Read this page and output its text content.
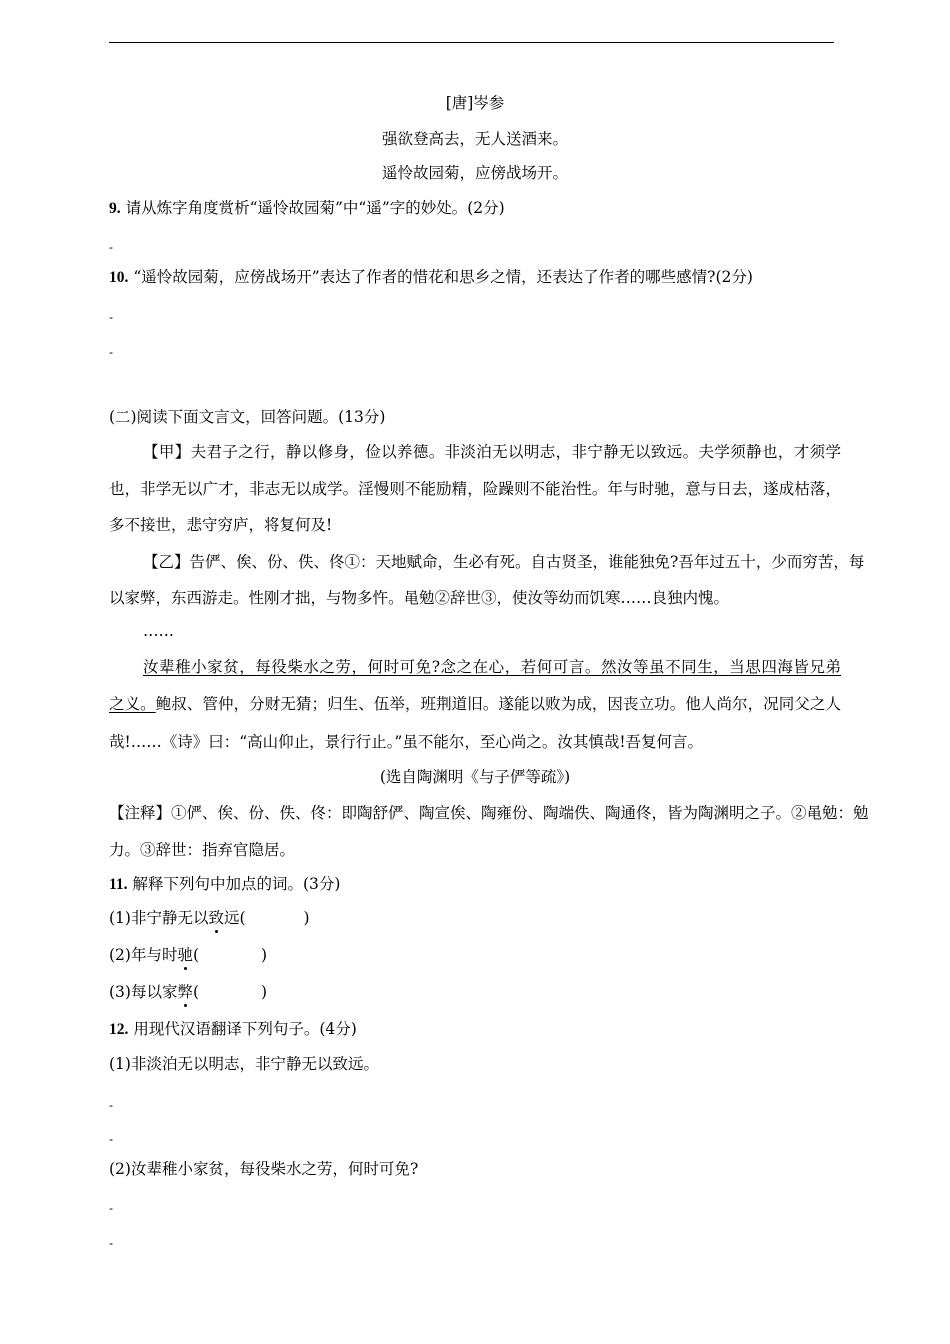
[唐]岑参
强欲登高去，无人送酒来。
遥怜故园菊，应傍战场开。
9. 请从炼字角度赏析“遥怜故园菊”中“遥”字的妙处。(2分)
-
10. “遥怜故园菊，应傍战场开”表达了作者的惜花和思乡之情，还表达了作者的哪些感情?(2分)
-
-
(二)阅读下面文言文，回答问题。(13分)
【甲】夫君子之行，静以修身，俭以养德。非淡泊无以明志，非宁静无以致远。夫学须静也，才须学
也，非学无以广才，非志无以成学。淫慢则不能励精，险躁则不能治性。年与时驰，意与日去，遂成枯落，
多不接世，悲守穷庐，将复何及!
【乙】告俨、俟、份、佚、佟①：天地赋命，生必有死。自古贤圣，谁能独免?吾年过五十，少而穷苦，每
以家弊，东西游走。性刚才拙，与物多忤。黾勉②辞世③，使汝等幼而饥寒……良独内愧。
……
汝辈稚小家贫，每役柴水之劳，何时可免?念之在心，若何可言。然汝等虽不同生，当思四海皆兄弟
之义。鲍叔、管仲，分财无猜；归生、伍举，班荆道旧。遂能以败为成，因丧立功。他人尚尔，况同父之人
哉!……《诗》曰：“高山仰止，景行行止。”虽不能尔，至心尚之。汝其慎哉!吾复何言。
(选自陶渊明《与子俨等疏》)
【注释】①俨、俟、份、佚、佟：即陶舒俨、陶宣俟、陶雍份、陶端佚、陶通佟，皆为陶渊明之子。②黾勉：勉
力。③辞世：指弃官隐居。
11. 解释下列句中加点的词。(3分)
(1)非宁静无以致远(	)
(2)年与时驰(	)
(3)每以家弊(	)
12. 用现代汉语翻译下列句子。(4分)
(1)非淡泊无以明志，非宁静无以致远。
-
-
(2)汝辈稚小家贫，每役柴水之劳，何时可免?
-
-
